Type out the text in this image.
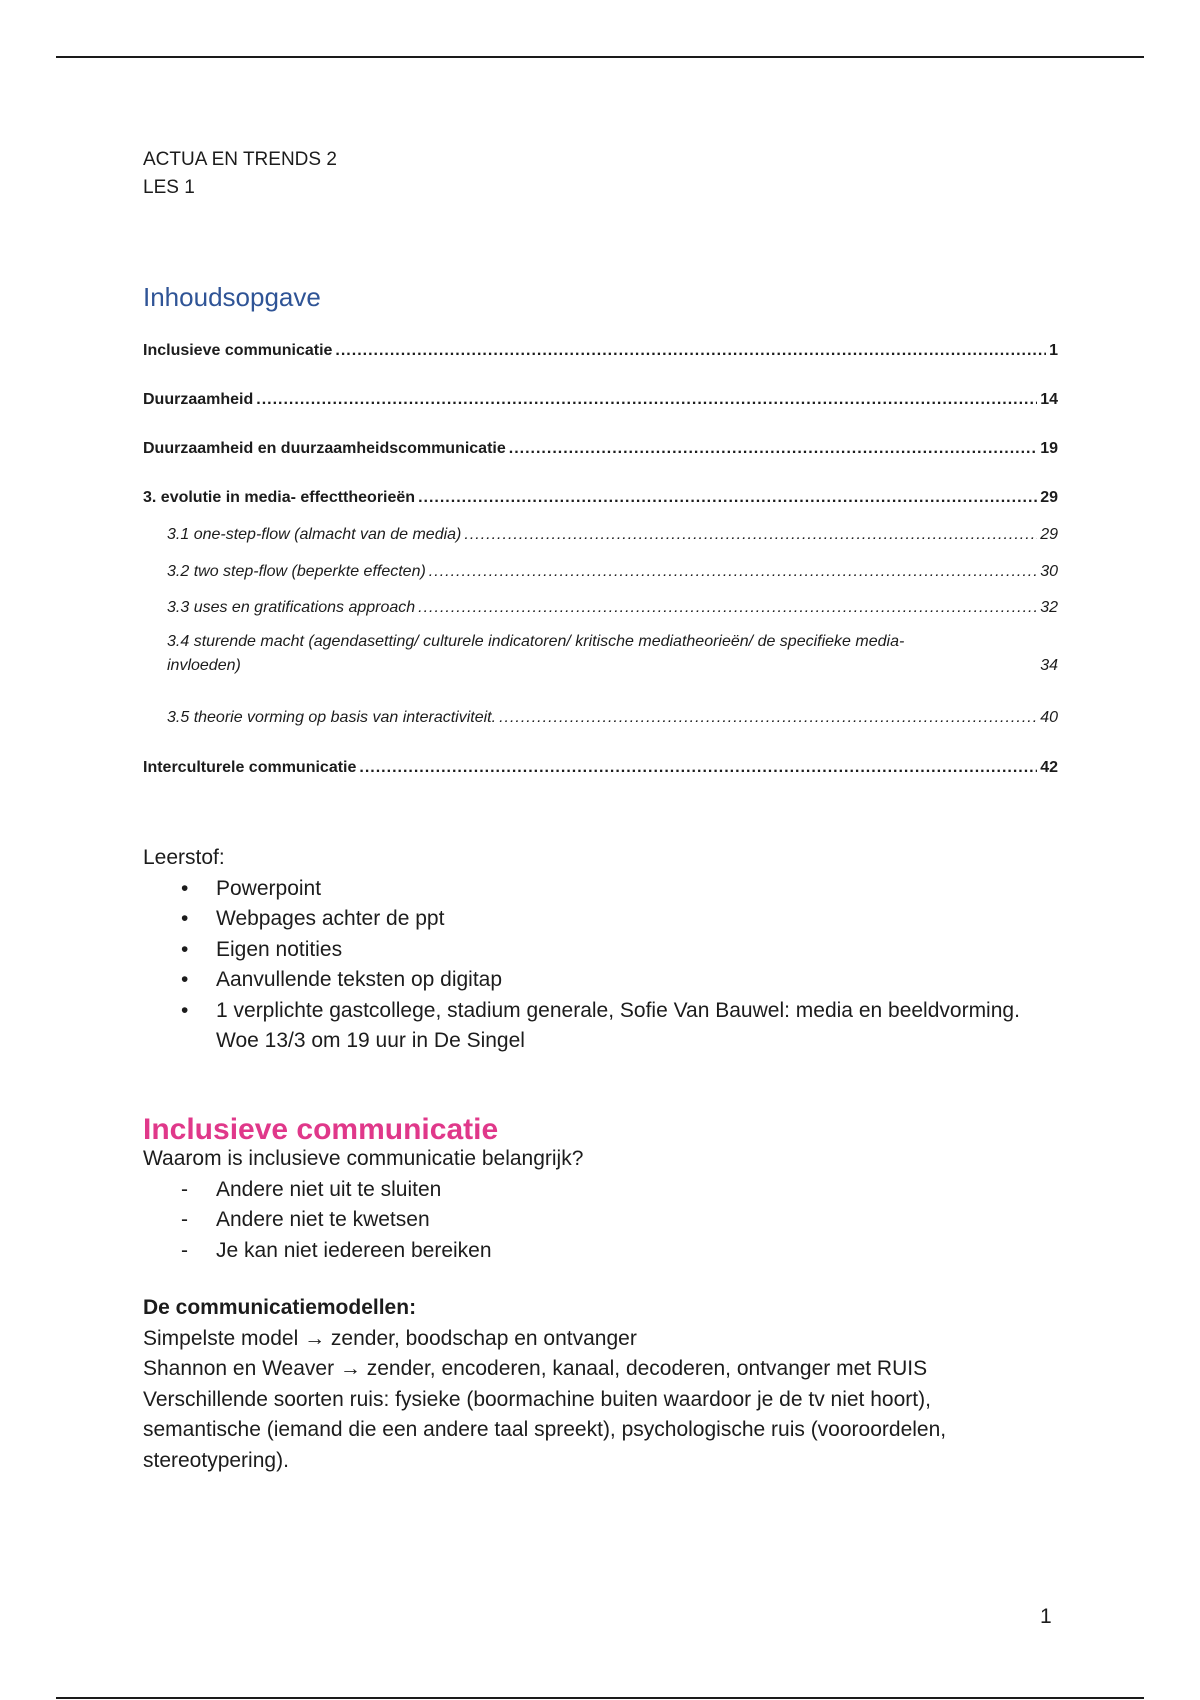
ACTUA EN TRENDS 2
LES 1
Inhoudsopgave
Inclusieve communicatie .....	1
Duurzaamheid .....	14
Duurzaamheid en duurzaamheidscommunicatie .....	19
3. evolutie in media- effecttheorieën .....	29
3.1 one-step-flow (almacht van de media) .....	29
3.2 two step-flow (beperkte effecten) .....	30
3.3 uses en gratifications approach .....	32
3.4 sturende macht (agendasetting/ culturele indicatoren/ kritische mediatheorieën/ de specifieke media-
invloeden)	34
3.5 theorie vorming op basis van interactiviteit. .....	40
Interculturele communicatie .....	42
Leerstof:
• Powerpoint
• Webpages achter de ppt
• Eigen notities
• Aanvullende teksten op digitap
• 1 verplichte gastcollege, stadium generale, Sofie Van Bauwel: media en beeldvorming.
Woe 13/3 om 19 uur in De Singel
Inclusieve communicatie
Waarom is inclusieve communicatie belangrijk?
- Andere niet uit te sluiten
- Andere niet te kwetsen
- Je kan niet iedereen bereiken
De communicatiemodellen:
Simpelste model → zender, boodschap en ontvanger
Shannon en Weaver → zender, encoderen, kanaal, decoderen, ontvanger met RUIS
Verschillende soorten ruis: fysieke (boormachine buiten waardoor je de tv niet hoort),
semantische (iemand die een andere taal spreekt), psychologische ruis (vooroordelen,
stereotypering).
1
